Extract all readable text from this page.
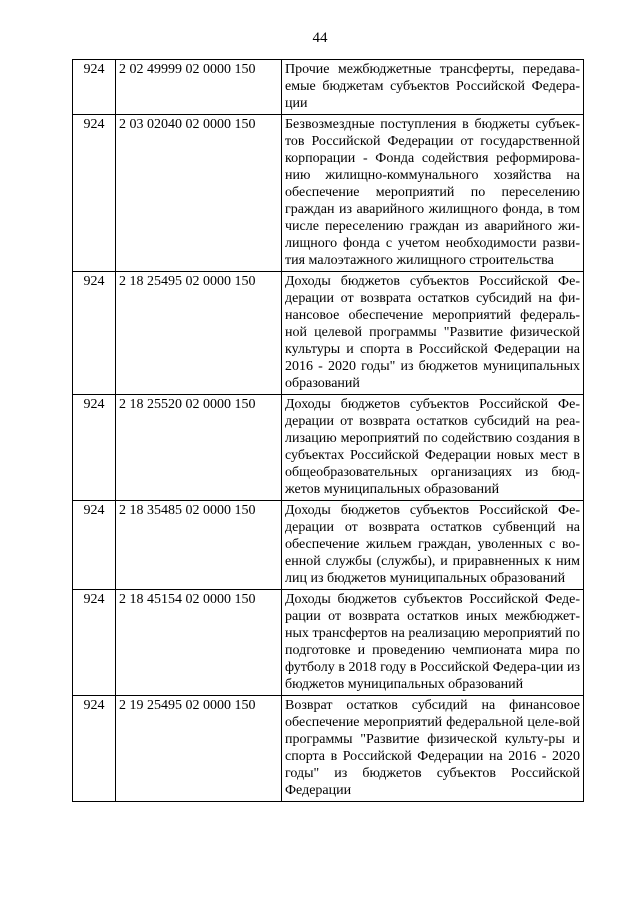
44
924	2 02 49999 02 0000 150	Прочие межбюджетные трансферты, передава-емые бюджетам субъектов Российской Федера-ции
924	2 03 02040 02 0000 150	Безвозмездные поступления в бюджеты субъек-тов Российской Федерации от государственной корпорации - Фонда содействия реформирова-нию жилищно-коммунального хозяйства на обеспечение мероприятий по переселению граждан из аварийного жилищного фонда, в том числе переселению граждан из аварийного жи-лищного фонда с учетом необходимости разви-тия малоэтажного жилищного строительства
924	2 18 25495 02 0000 150	Доходы бюджетов субъектов Российской Фе-дерации от возврата остатков субсидий на фи-нансовое обеспечение мероприятий федераль-ной целевой программы "Развитие физической культуры и спорта в Российской Федерации на 2016 - 2020 годы" из бюджетов муниципальных образований
924	2 18 25520 02 0000 150	Доходы бюджетов субъектов Российской Фе-дерации от возврата остатков субсидий на реа-лизацию мероприятий по содействию создания в субъектах Российской Федерации новых мест в общеобразовательных организациях из бюд-жетов муниципальных образований
924	2 18 35485 02 0000 150	Доходы бюджетов субъектов Российской Фе-дерации от возврата остатков субвенций на обеспечение жильем граждан, уволенных с во-енной службы (службы), и приравненных к ним лиц из бюджетов муниципальных образований
924	2 18 45154 02 0000 150	Доходы бюджетов субъектов Российской Феде-рации от возврата остатков иных межбюджет-ных трансфертов на реализацию мероприятий по подготовке и проведению чемпионата мира по футболу в 2018 году в Российской Федера-ции из бюджетов муниципальных образований
924	2 19 25495 02 0000 150	Возврат остатков субсидий на финансовое обеспечение мероприятий федеральной целе-вой программы "Развитие физической культу-ры и спорта в Российской Федерации на 2016 - 2020 годы" из бюджетов субъектов Российской Федерации
